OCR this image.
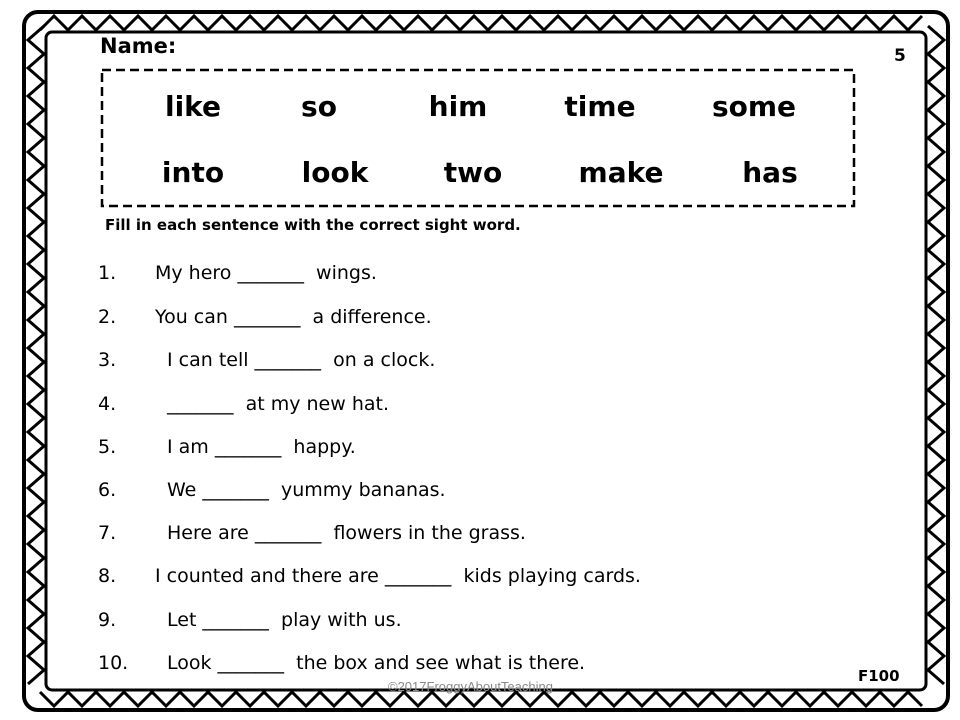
Name:	5
like	so	him	time	some
into	look	two	make	has
Fill in each sentence with the correct sight word.
1. My hero _______  wings.
2. You can _______  a difference.
3.	I can tell _______  on a clock.
4.	_______  at my new hat.
5.	I am _______  happy.
6.	We _______  yummy bananas.
7.	Here are _______  flowers in the grass.
8. I counted and there are _______  kids playing cards.
9.	Let _______  play with us.
10. Look _______  the box and see what is there.
©2017FroggyAboutTeaching
F100
